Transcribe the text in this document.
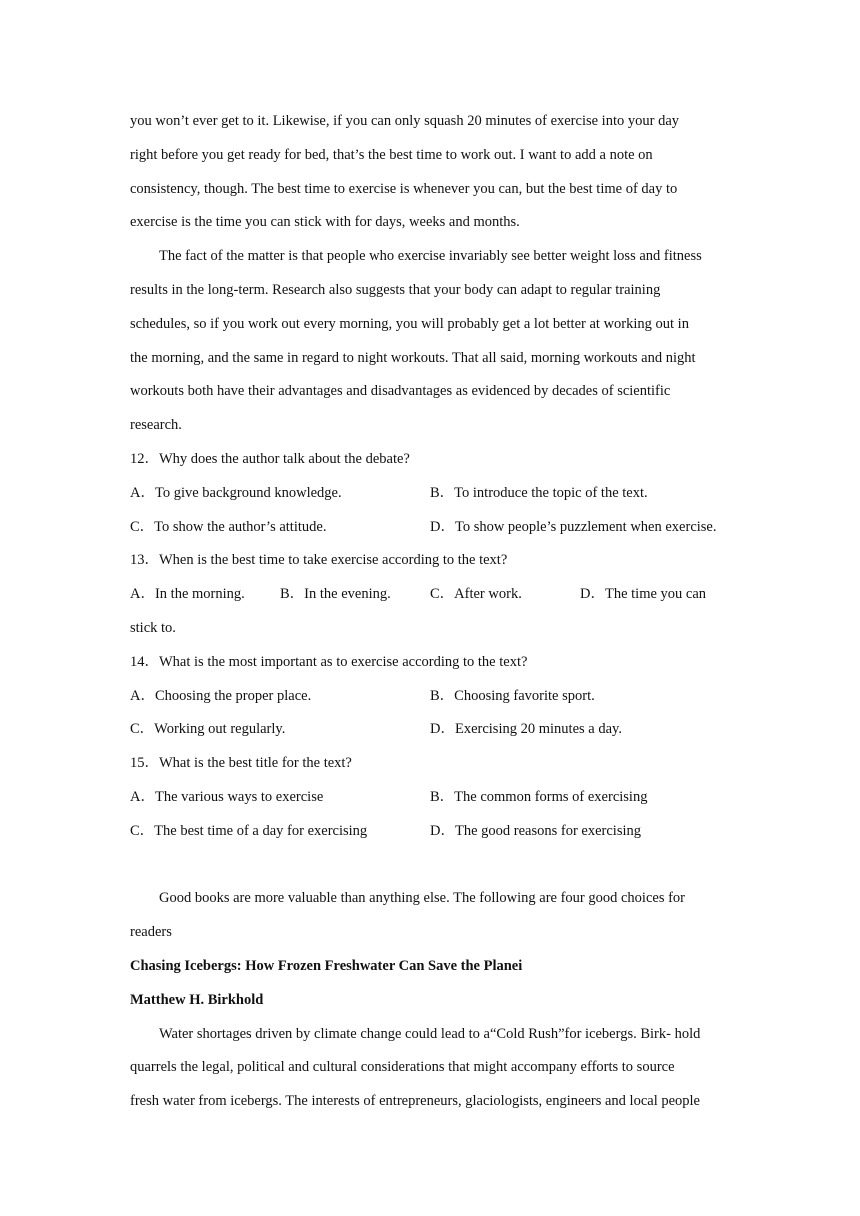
you won’t ever get to it. Likewise, if you can only squash 20 minutes of exercise into your day
right before you get ready for bed, that’s the best time to work out. I want to add a note on
consistency, though. The best time to exercise is whenever you can, but the best time of day to
exercise is the time you can stick with for days, weeks and months.
The fact of the matter is that people who exercise invariably see better weight loss and fitness
results in the long-term. Research also suggests that your body can adapt to regular training
schedules, so if you work out every morning, you will probably get a lot better at working out in
the morning, and the same in regard to night workouts. That all said, morning workouts and night
workouts both have their advantages and disadvantages as evidenced by decades of scientific
research.
12．Why does the author talk about the debate?
A．To give background knowledge.	B．To introduce the topic of the text.
C．To show the author’s attitude.	D．To show people’s puzzlement when exercise.
13．When is the best time to take exercise according to the text?
A．In the morning.	B．In the evening.	C．After work.	D．The time you can
stick to.
14．What is the most important as to exercise according to the text?
A．Choosing the proper place.	B．Choosing favorite sport.
C．Working out regularly.	D．Exercising 20 minutes a day.
15．What is the best title for the text?
A．The various ways to exercise	B．The common forms of exercising
C．The best time of a day for exercising	D．The good reasons for exercising
Good books are more valuable than anything else. The following are four good choices for
readers
Chasing Icebergs: How Frozen Freshwater Can Save the Planei
Matthew H. Birkhold
Water shortages driven by climate change could lead to a“Cold Rush”for icebergs. Birk- hold
quarrels the legal, political and cultural considerations that might accompany efforts to source
fresh water from icebergs. The interests of entrepreneurs, glaciologists, engineers and local people
